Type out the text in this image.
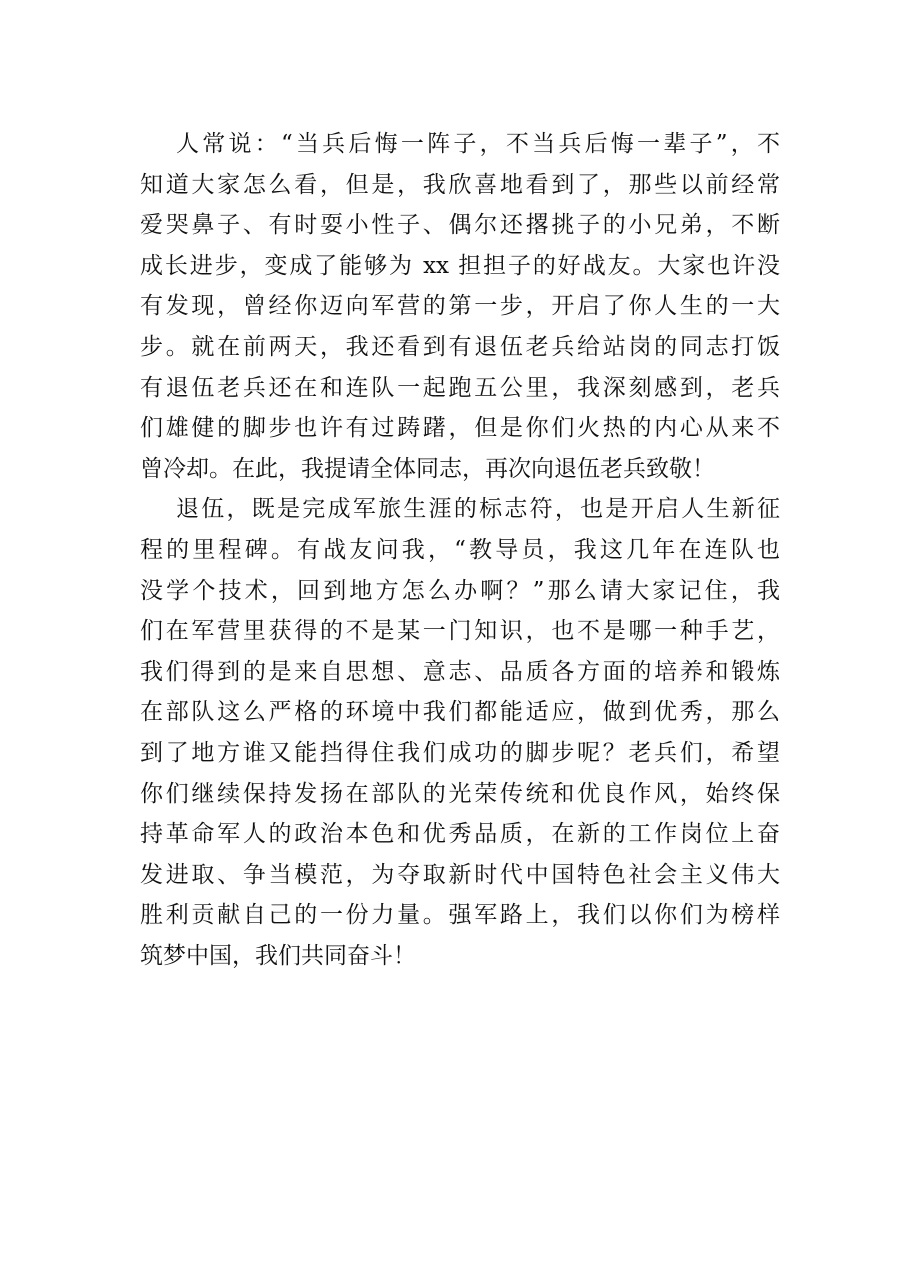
人常说：“当兵后悔一阵子，不当兵后悔一辈子”，不
知道大家怎么看，但是，我欣喜地看到了，那些以前经常
爱哭鼻子、有时耍小性子、偶尔还撂挑子的小兄弟，不断
成长进步，变成了能够为 xx 担担子的好战友。大家也许没
有发现，曾经你迈向军营的第一步，开启了你人生的一大
步。就在前两天，我还看到有退伍老兵给站岗的同志打饭
有退伍老兵还在和连队一起跑五公里，我深刻感到，老兵
们雄健的脚步也许有过踌躇，但是你们火热的内心从来不
曾冷却。在此，我提请全体同志，再次向退伍老兵致敬！
退伍，既是完成军旅生涯的标志符，也是开启人生新征
程的里程碑。有战友问我，“教导员，我这几年在连队也
没学个技术，回到地方怎么办啊？”那么请大家记住，我
们在军营里获得的不是某一门知识，也不是哪一种手艺，
我们得到的是来自思想、意志、品质各方面的培养和锻炼
在部队这么严格的环境中我们都能适应，做到优秀，那么
到了地方谁又能挡得住我们成功的脚步呢？老兵们，希望
你们继续保持发扬在部队的光荣传统和优良作风，始终保
持革命军人的政治本色和优秀品质，在新的工作岗位上奋
发进取、争当模范，为夺取新时代中国特色社会主义伟大
胜利贡献自己的一份力量。强军路上，我们以你们为榜样
筑梦中国，我们共同奋斗！
